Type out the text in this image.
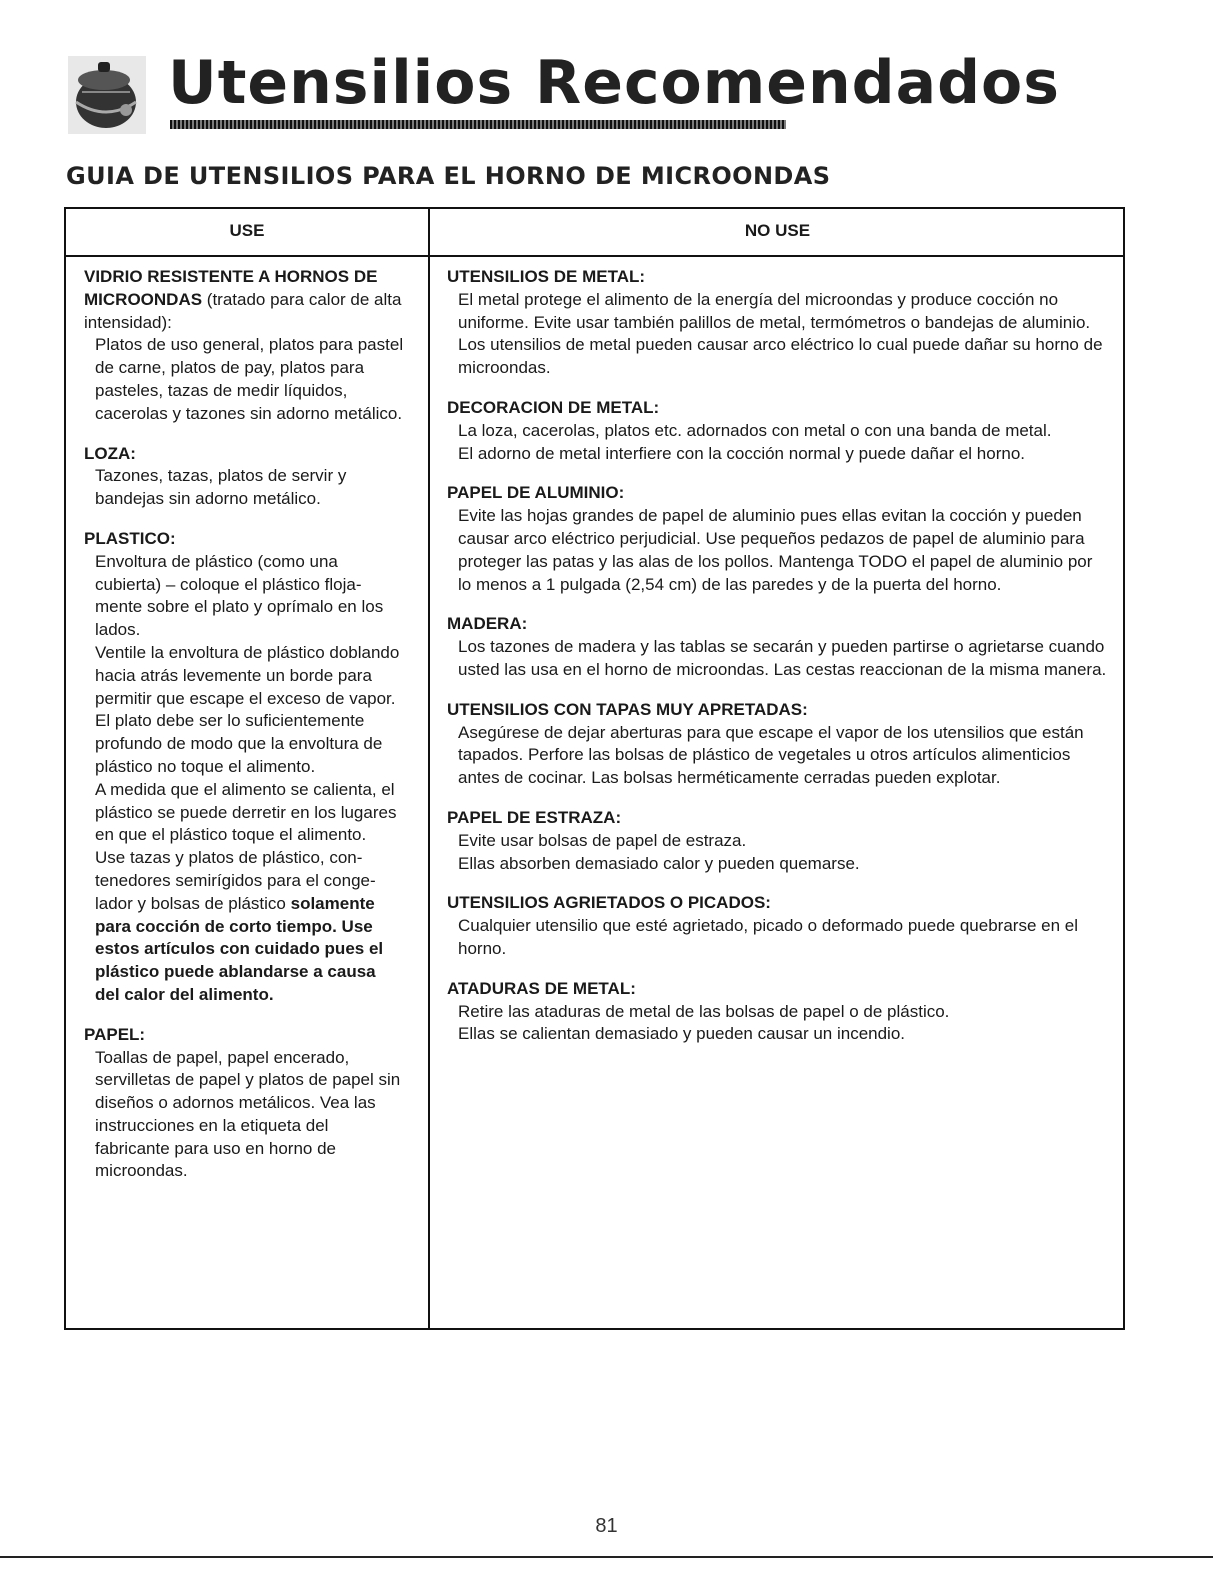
Utensilios Recomendados
GUIA DE UTENSILIOS PARA EL HORNO DE MICROONDAS
USE	NO USE
VIDRIO RESISTENTE A HORNOS DE MICROONDAS (tratado para calor de alta intensidad):
Platos de uso general, platos para pastel de carne, platos de pay, platos para pasteles, tazas de medir líquidos, cacerolas y tazones sin adorno metálico.
LOZA:
Tazones, tazas, platos de servir y bandejas sin adorno metálico.
PLASTICO:
Envoltura de plástico (como una cubierta) – coloque el plástico floja-mente sobre el plato y oprímalo en los lados.
Ventile la envoltura de plástico doblando hacia atrás levemente un borde para permitir que escape el exceso de vapor. El plato debe ser lo suficientemente profundo de modo que la envoltura de plástico no toque el alimento.
A medida que el alimento se calienta, el plástico se puede derretir en los lugares en que el plástico toque el alimento.
Use tazas y platos de plástico, con-tenedores semirígidos para el conge-lador y bolsas de plástico solamente para cocción de corto tiempo. Use estos artículos con cuidado pues el plástico puede ablandarse a causa del calor del alimento.
PAPEL:
Toallas de papel, papel encerado, servilletas de papel y platos de papel sin diseños o adornos metálicos. Vea las instrucciones en la etiqueta del fabricante para uso en horno de microondas.
UTENSILIOS DE METAL:
El metal protege el alimento de la energía del microondas y produce cocción no uniforme. Evite usar también palillos de metal, termómetros o bandejas de aluminio. Los utensilios de metal pueden causar arco eléctrico lo cual puede dañar su horno de microondas.
DECORACION DE METAL:
La loza, cacerolas, platos etc. adornados con metal o con una banda de metal.
El adorno de metal interfiere con la cocción normal y puede dañar el horno.
PAPEL DE ALUMINIO:
Evite las hojas grandes de papel de aluminio pues ellas evitan la cocción y pueden causar arco eléctrico perjudicial. Use pequeños pedazos de papel de aluminio para proteger las patas y las alas de los pollos. Mantenga TODO el papel de aluminio por lo menos a 1 pulgada (2,54 cm) de las paredes y de la puerta del horno.
MADERA:
Los tazones de madera y las tablas se secarán y pueden partirse o agrietarse cuando usted las usa en el horno de microondas. Las cestas reaccionan de la misma manera.
UTENSILIOS CON TAPAS MUY APRETADAS:
Asegúrese de dejar aberturas para que escape el vapor de los utensilios que están tapados. Perfore las bolsas de plástico de vegetales u otros artículos alimenticios antes de cocinar. Las bolsas herméticamente cerradas pueden explotar.
PAPEL DE ESTRAZA:
Evite usar bolsas de papel de estraza.
Ellas absorben demasiado calor y pueden quemarse.
UTENSILIOS AGRIETADOS O PICADOS:
Cualquier utensilio que esté agrietado, picado o deformado puede quebrarse en el horno.
ATADURAS DE METAL:
Retire las ataduras de metal de las bolsas de papel o de plástico.
Ellas se calientan demasiado y pueden causar un incendio.
81
